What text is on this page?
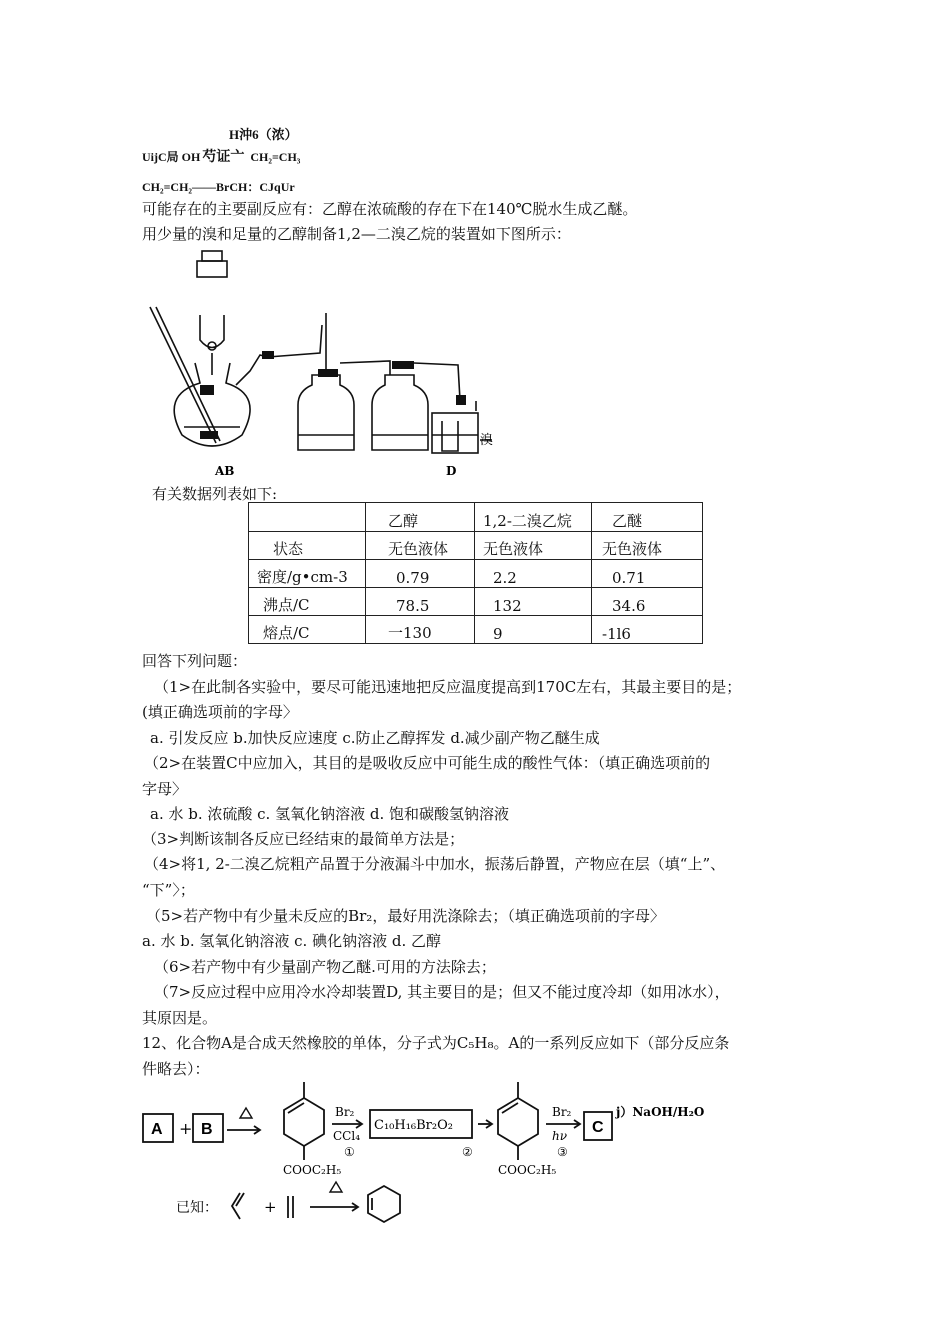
H沖6（浓）
UijC局 OH 芍证亠 CH₂=CH₃
CH₂=CH₂——BrCH：CJqUr
可能存在的主要副反应有：乙醇在浓硫酸的存在下在140℃脱水生成乙醚。
用少量的溴和足量的乙醇制备1,2—二溴乙烷的装置如下图所示：
AB	D
溴
有关数据列表如下:
	乙醇	1,2-二溴乙烷	乙醚
状态	无色液体	无色液体	无色液体
密度/g•cm-3	0.79	2.2	0.71
沸点/C	78.5	132	34.6
熔点/C	一130	9	-1l6
回答下列问题：
（1>在此制各实验中，要尽可能迅速地把反应温度提高到170C左右，其最主要目的是；
(填正确选项前的字母〉
a. 引发反应 b.加快反应速度 c.防止乙醇挥发 d.减少副产物乙醚生成
（2>在装置C中应加入，其目的是吸收反应中可能生成的酸性气体：（填正确选项前的
字母〉
a. 水 b. 浓硫酸 c. 氢氧化钠溶液 d. 饱和碳酸氢钠溶液
（3>判断该制各反应已经结束的最简单方法是；
（4>将1, 2-二溴乙烷粗产品置于分液漏斗中加水，振荡后静置，产物应在层（填“上”、
“下”〉；
（5>若产物中有少量未反应的Br₂，最好用洗涤除去；（填正确选项前的字母〉
a. 水 b. 氢氧化钠溶液 c. 碘化钠溶液 d. 乙醇
（6>若产物中有少量副产物乙醚.可用的方法除去；
（7>反应过程中应用冷水冷却装置D, 其主要目的是；但又不能过度冷却（如用冰水），
其原因是。
12、化合物A是合成天然橡胶的单体，分子式为C₅H₈。A的一系列反应如下（部分反应条
件略去）：
A + B
COOC₂H₅
Br₂
CCl₄
①
C₁₀H₁₆Br₂O₂
②
COOC₂H₅
Br₂
hν
③
C
j）NaOH/H₂O
已知：	+
